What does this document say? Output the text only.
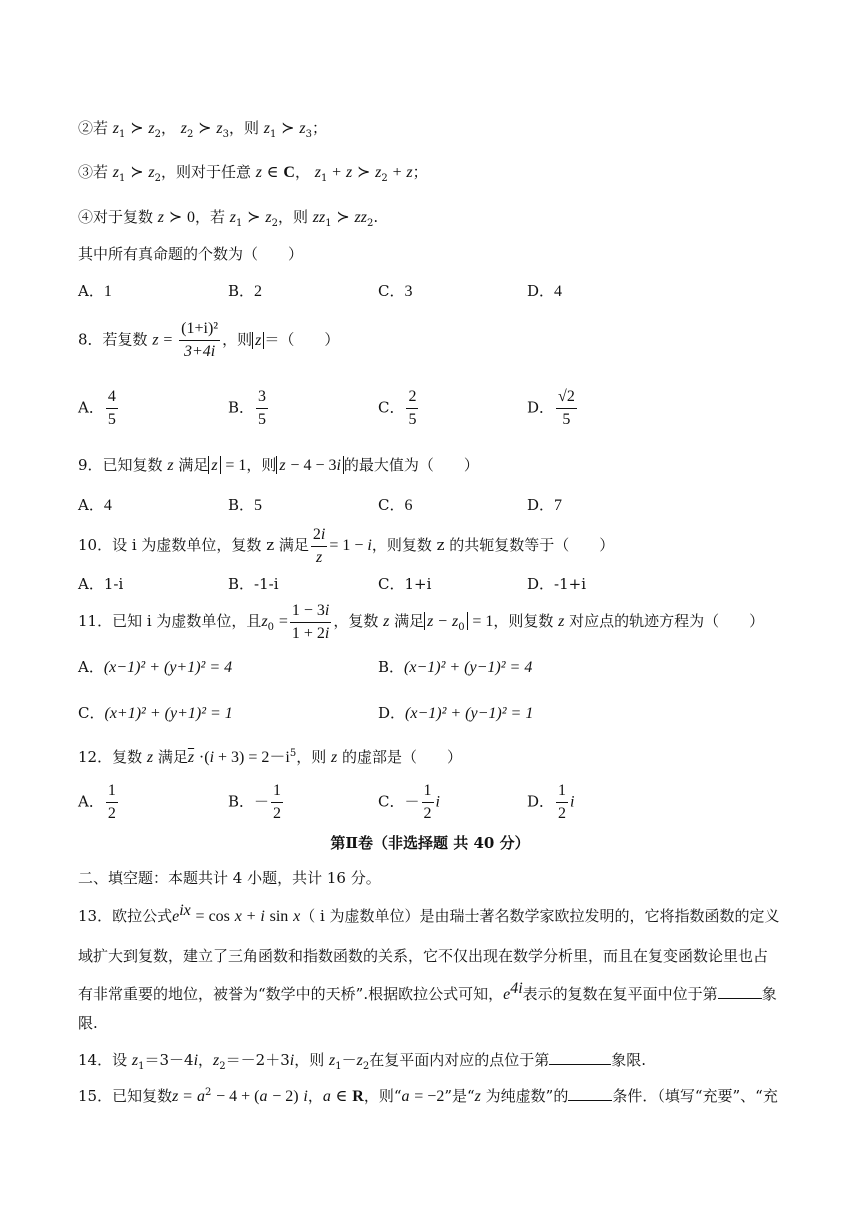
②若 $z_1$ ≻ $z_2$， $z_2$ ≻ $z_3$，则 $z_1$ ≻ $z_3$；
③若 $z_1$ ≻ $z_2$，则对于任意 z ∈ C， $z_1 + z$ ≻ $z_2 + z$；
④对于复数 z ≻ 0，若 $z_1$ ≻ $z_2$，则 $zz_1$ ≻ $zz_2$.
其中所有真命题的个数为（　　）
A．1	B．2	C．3	D．4
8．若复数 $z = \frac{\text{(1+i)²}}{3+4i}$ ，则 z ＝（　　）
A． $\frac{4}{5}$	B． $\frac{3}{5}$	C． $\frac{2}{5}$	D． $\frac{√2}{5}$
9．已知复数 z 满足 z = 1，则 z − 4 − 3i 的最大值为（　　）
A．4	B．5	C．6	D．7
10．设 i 为虚数单位，复数 z 满足 $\frac{2i}{z} = 1 - i$，则复数 z 的共轭复数等于（　　）
A．1-i	B．-1-i	C．1+i	D．-1+i
11．已知 i 为虚数单位，且$z_0 = \frac{1 - 3i}{1 + 2i}$ ，复数 z 满足 $z - z_0 = 1$，则复数 z 对应点的轨迹方程为（　　）
A．(x−1)² + (y+1)² = 4	B．(x−1)² + (y−1)² = 4
C．(x+1)² + (y+1)² = 1	D．(x−1)² + (y−1)² = 1
12．复数 z 满足$\overline{z} \cdot(i + 3) = 2-i^5$，则 z 的虚部是（　　）
A． $\frac{1}{2}$	B．－ $\frac{1}{2}$	C．－ $\frac{1}{2}$ i	D． $\frac{1}{2}$ i
第Ⅱ卷（非选择题 共 40 分）
二、填空题：本题共计 4 小题，共计 16 分。
13．欧拉公式$e^{ix} = \cos x + i$ sin x（ i 为虚数单位）是由瑞士著名数学家欧拉发明的，它将指数函数的定义
域扩大到复数，建立了三角函数和指数函数的关系，它不仅出现在数学分析里，而且在复变函数论里也占
有非常重要的地位，被誉为“数学中的天桥”.根据欧拉公式可知，$e^{4i}$表示的复数在复平面中位于第	象
限.
14．设 $z_1=3-4i$，$z_2=-2+3i$，则 $z_1-z_2$在复平面内对应的点位于第	象限.
15．已知复数$z = a^2 - 4 + (a - 2)$ i，a ∈ R，则“a = −2”是“z 为纯虚数”的	条件．（填写“充要”、“充
